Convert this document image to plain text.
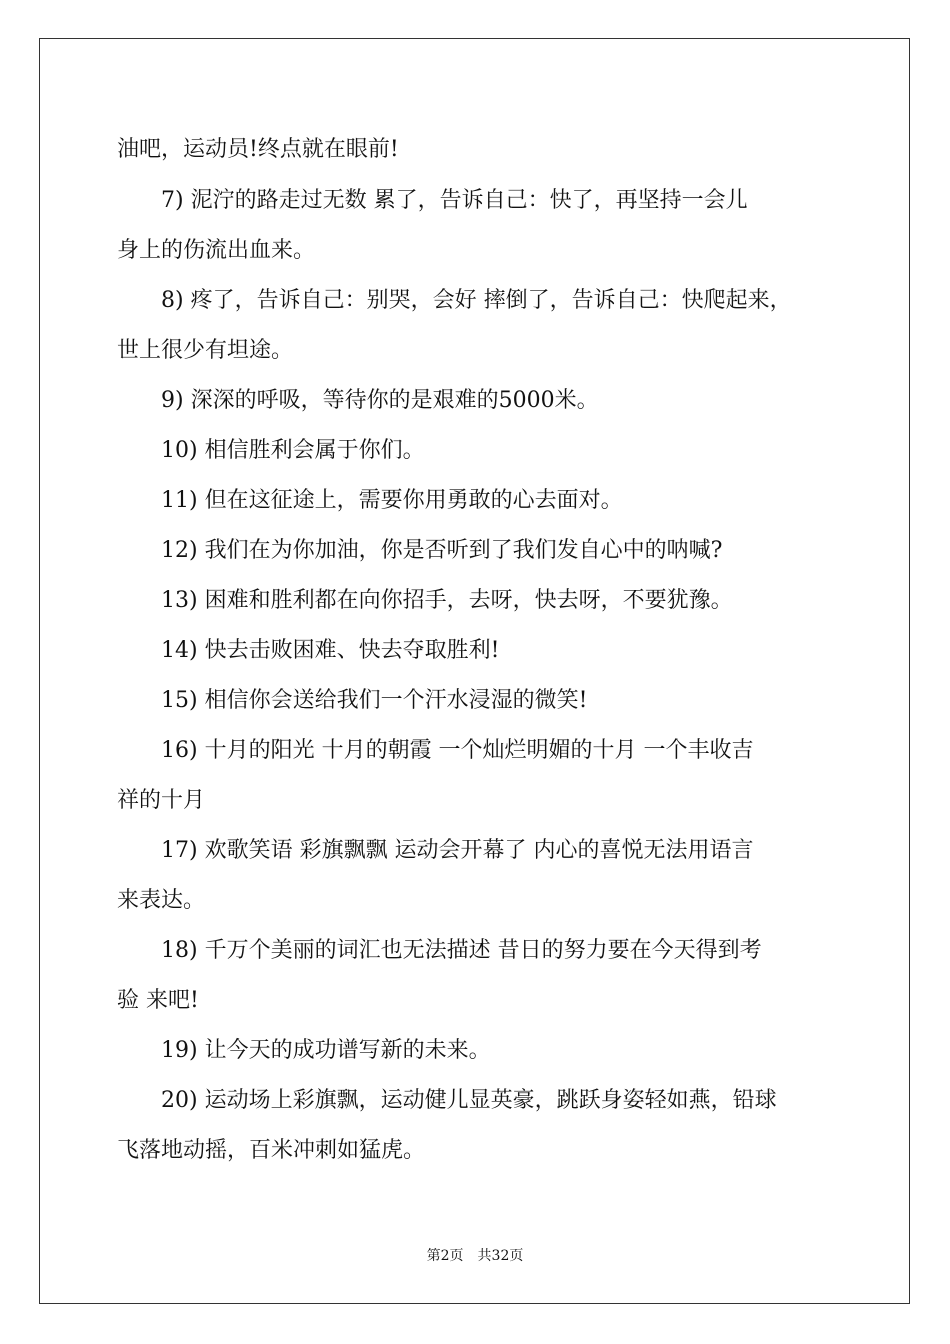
油吧，运动员!终点就在眼前!
7) 泥泞的路走过无数 累了，告诉自己：快了，再坚持一会儿
身上的伤流出血来。
8) 疼了，告诉自己：别哭，会好 摔倒了，告诉自己：快爬起来，
世上很少有坦途。
9) 深深的呼吸，等待你的是艰难的5000米。
10) 相信胜利会属于你们。
11) 但在这征途上，需要你用勇敢的心去面对。
12) 我们在为你加油，你是否听到了我们发自心中的呐喊?
13) 困难和胜利都在向你招手，去呀，快去呀，不要犹豫。
14) 快去击败困难、快去夺取胜利!
15) 相信你会送给我们一个汗水浸湿的微笑!
16) 十月的阳光 十月的朝霞 一个灿烂明媚的十月 一个丰收吉
祥的十月
17) 欢歌笑语 彩旗飘飘 运动会开幕了 内心的喜悦无法用语言
来表达。
18) 千万个美丽的词汇也无法描述 昔日的努力要在今天得到考
验 来吧!
19) 让今天的成功谱写新的未来。
20) 运动场上彩旗飘，运动健儿显英豪，跳跃身姿轻如燕，铅球
飞落地动摇，百米冲刺如猛虎。
第2页　共32页
